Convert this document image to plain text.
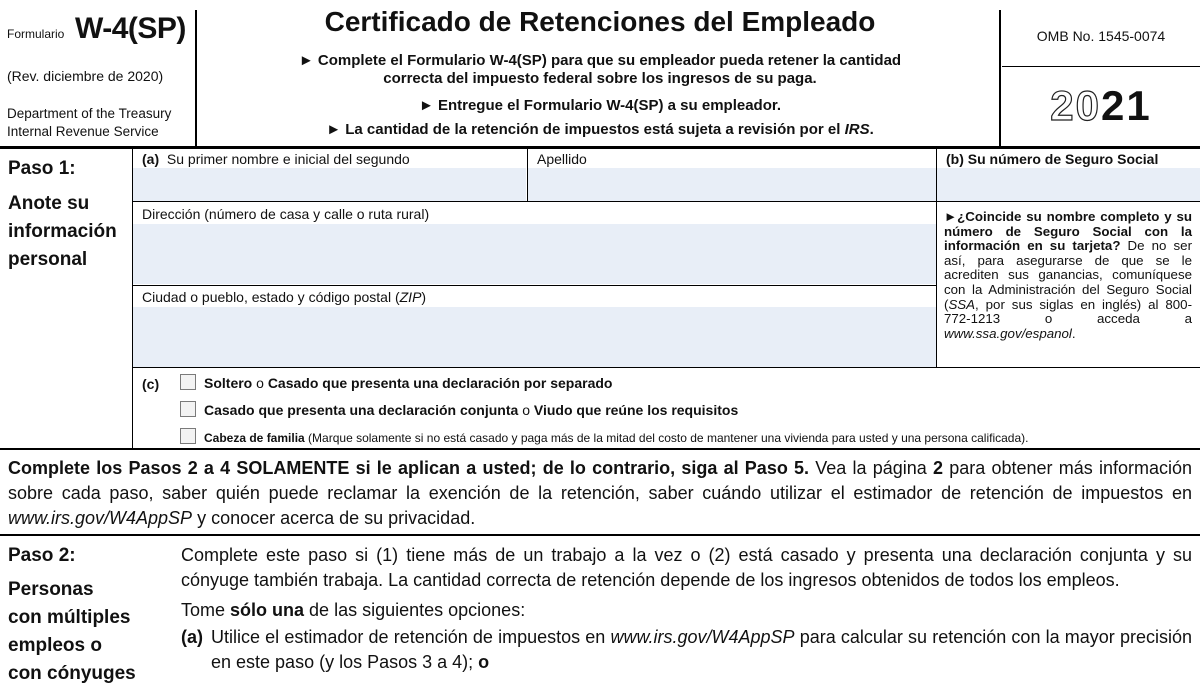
Formulario W-4(SP)
(Rev. diciembre de 2020)
Department of the Treasury
Internal Revenue Service
Certificado de Retenciones del Empleado
► Complete el Formulario W-4(SP) para que su empleador pueda retener la cantidad
correcta del impuesto federal sobre los ingresos de su paga.
► Entregue el Formulario W-4(SP) a su empleador.
► La cantidad de la retención de impuestos está sujeta a revisión por el IRS.
OMB No. 1545-0074
2021
Paso 1:
Anote su
información
personal
(a) Su primer nombre e inicial del segundo	Apellido	(b) Su número de Seguro Social
Dirección (número de casa y calle o ruta rural)
Ciudad o pueblo, estado y código postal (ZIP)
►¿Coincide su nombre completo y su número de Seguro Social con la información en su tarjeta? De no ser así, para asegurarse de que se le acrediten sus ganancias, comuníquese con la Administración del Seguro Social (SSA, por sus siglas en inglés) al 800-772-1213 o acceda a www.ssa.gov/espanol.
(c)	Soltero o Casado que presenta una declaración por separado
Casado que presenta una declaración conjunta o Viudo que reúne los requisitos
Cabeza de familia (Marque solamente si no está casado y paga más de la mitad del costo de mantener una vivienda para usted y una persona calificada).
Complete los Pasos 2 a 4 SOLAMENTE si le aplican a usted; de lo contrario, siga al Paso 5. Vea la página 2 para obtener más información sobre cada paso, saber quién puede reclamar la exención de la retención, saber cuándo utilizar el estimador de retención de impuestos en www.irs.gov/W4AppSP y conocer acerca de su privacidad.
Paso 2:
Personas
con múltiples
empleos o
con cónyuges
Complete este paso si (1) tiene más de un trabajo a la vez o (2) está casado y presenta una declaración conjunta y su cónyuge también trabaja. La cantidad correcta de retención depende de los ingresos obtenidos de todos los empleos.
Tome sólo una de las siguientes opciones:
(a) Utilice el estimador de retención de impuestos en www.irs.gov/W4AppSP para calcular su retención con la mayor precisión en este paso (y los Pasos 3 a 4); o
